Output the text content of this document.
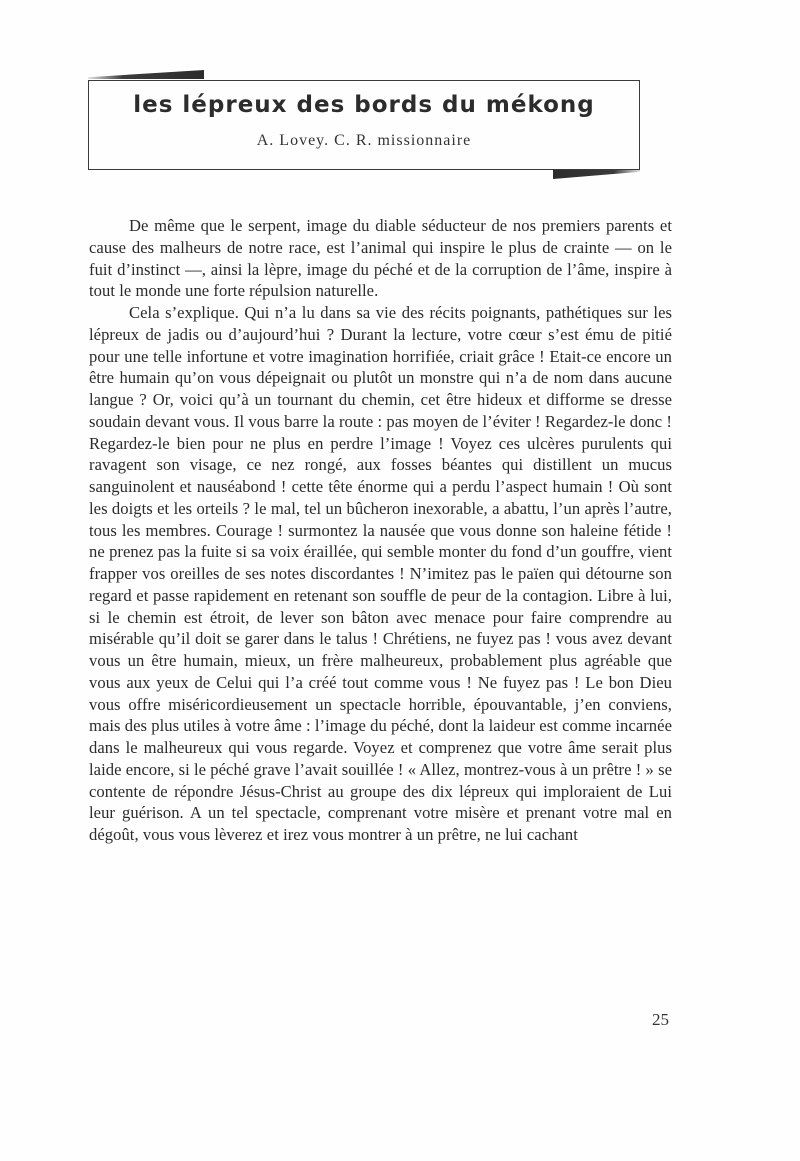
les lépreux des bords du mékong
A. Lovey. C. R. missionnaire

De même que le serpent, image du diable séducteur de nos premiers parents et cause des malheurs de notre race, est l’animal qui inspire le plus de crainte — on le fuit d’instinct —, ainsi la lèpre, image du péché et de la corruption de l’âme, inspire à tout le monde une forte répulsion naturelle.

Cela s’explique. Qui n’a lu dans sa vie des récits poignants, pathétiques sur les lépreux de jadis ou d’aujourd’hui ? Durant la lecture, votre cœur s’est ému de pitié pour une telle infortune et votre imagination horrifiée, criait grâce ! Etait-ce encore un être humain qu’on vous dépeignait ou plutôt un monstre qui n’a de nom dans aucune langue ? Or, voici qu’à un tournant du chemin, cet être hideux et difforme se dresse soudain devant vous. Il vous barre la route : pas moyen de l’éviter ! Regardez-le donc ! Regardez-le bien pour ne plus en perdre l’image ! Voyez ces ulcères purulents qui ravagent son visage, ce nez rongé, aux fosses béantes qui distillent un mucus sanguinolent et nauséabond ! cette tête énorme qui a perdu l’aspect humain ! Où sont les doigts et les orteils ? le mal, tel un bûcheron inexorable, a abattu, l’un après l’autre, tous les membres. Courage ! surmontez la nausée que vous donne son haleine fétide ! ne prenez pas la fuite si sa voix éraillée, qui semble monter du fond d’un gouffre, vient frapper vos oreilles de ses notes discordantes ! N’imitez pas le païen qui détourne son regard et passe rapidement en retenant son souffle de peur de la contagion. Libre à lui, si le chemin est étroit, de lever son bâton avec menace pour faire comprendre au misérable qu’il doit se garer dans le talus ! Chrétiens, ne fuyez pas ! vous avez devant vous un être humain, mieux, un frère malheureux, probablement plus agréable que vous aux yeux de Celui qui l’a créé tout comme vous ! Ne fuyez pas ! Le bon Dieu vous offre miséricordieusement un spectacle horrible, épouvantable, j’en conviens, mais des plus utiles à votre âme : l’image du péché, dont la laideur est comme incarnée dans le malheureux qui vous regarde. Voyez et comprenez que votre âme serait plus laide encore, si le péché grave l’avait souillée ! « Allez, montrez-vous à un prêtre ! » se contente de répondre Jésus-Christ au groupe des dix lépreux qui imploraient de Lui leur guérison. A un tel spectacle, comprenant votre misère et prenant votre mal en dégoût, vous vous lèverez et irez vous montrer à un prêtre, ne lui cachant

25
